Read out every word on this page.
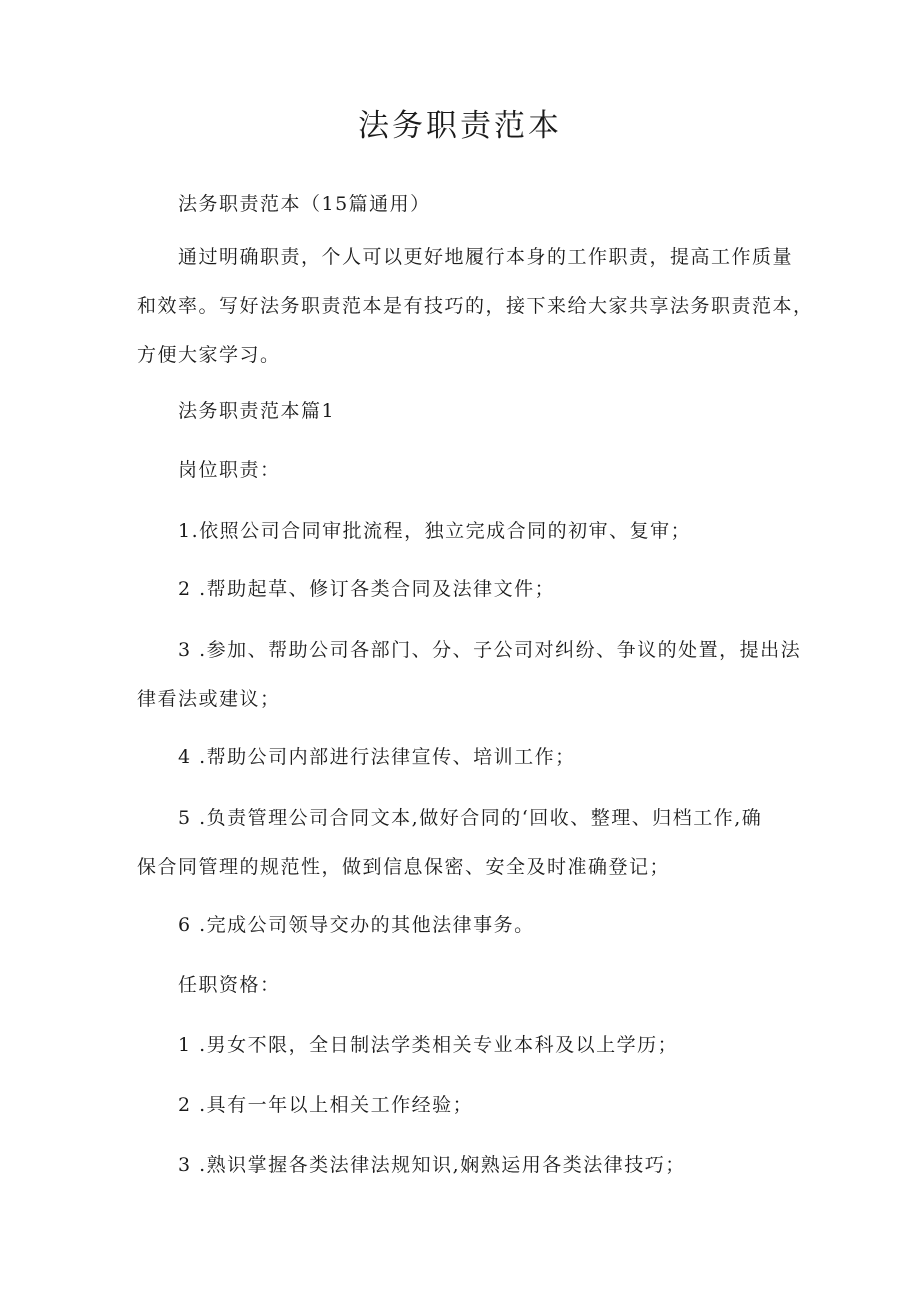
法务职责范本

法务职责范本（15篇通用）

通过明确职责，个人可以更好地履行本身的工作职责，提高工作质量
和效率。写好法务职责范本是有技巧的，接下来给大家共享法务职责范本，
方便大家学习。

法务职责范本篇1

岗位职责：

1.依照公司合同审批流程，独立完成合同的初审、复审；

2 .帮助起草、修订各类合同及法律文件；

3 .参加、帮助公司各部门、分、子公司对纠纷、争议的处置，提出法
律看法或建议；

4 .帮助公司内部进行法律宣传、培训工作；

5 .负责管理公司合同文本,做好合同的‘回收、整理、归档工作,确
保合同管理的规范性，做到信息保密、安全及时准确登记；

6 .完成公司领导交办的其他法律事务。

任职资格：

1 .男女不限，全日制法学类相关专业本科及以上学历；

2 .具有一年以上相关工作经验；

3 .熟识掌握各类法律法规知识,娴熟运用各类法律技巧；
